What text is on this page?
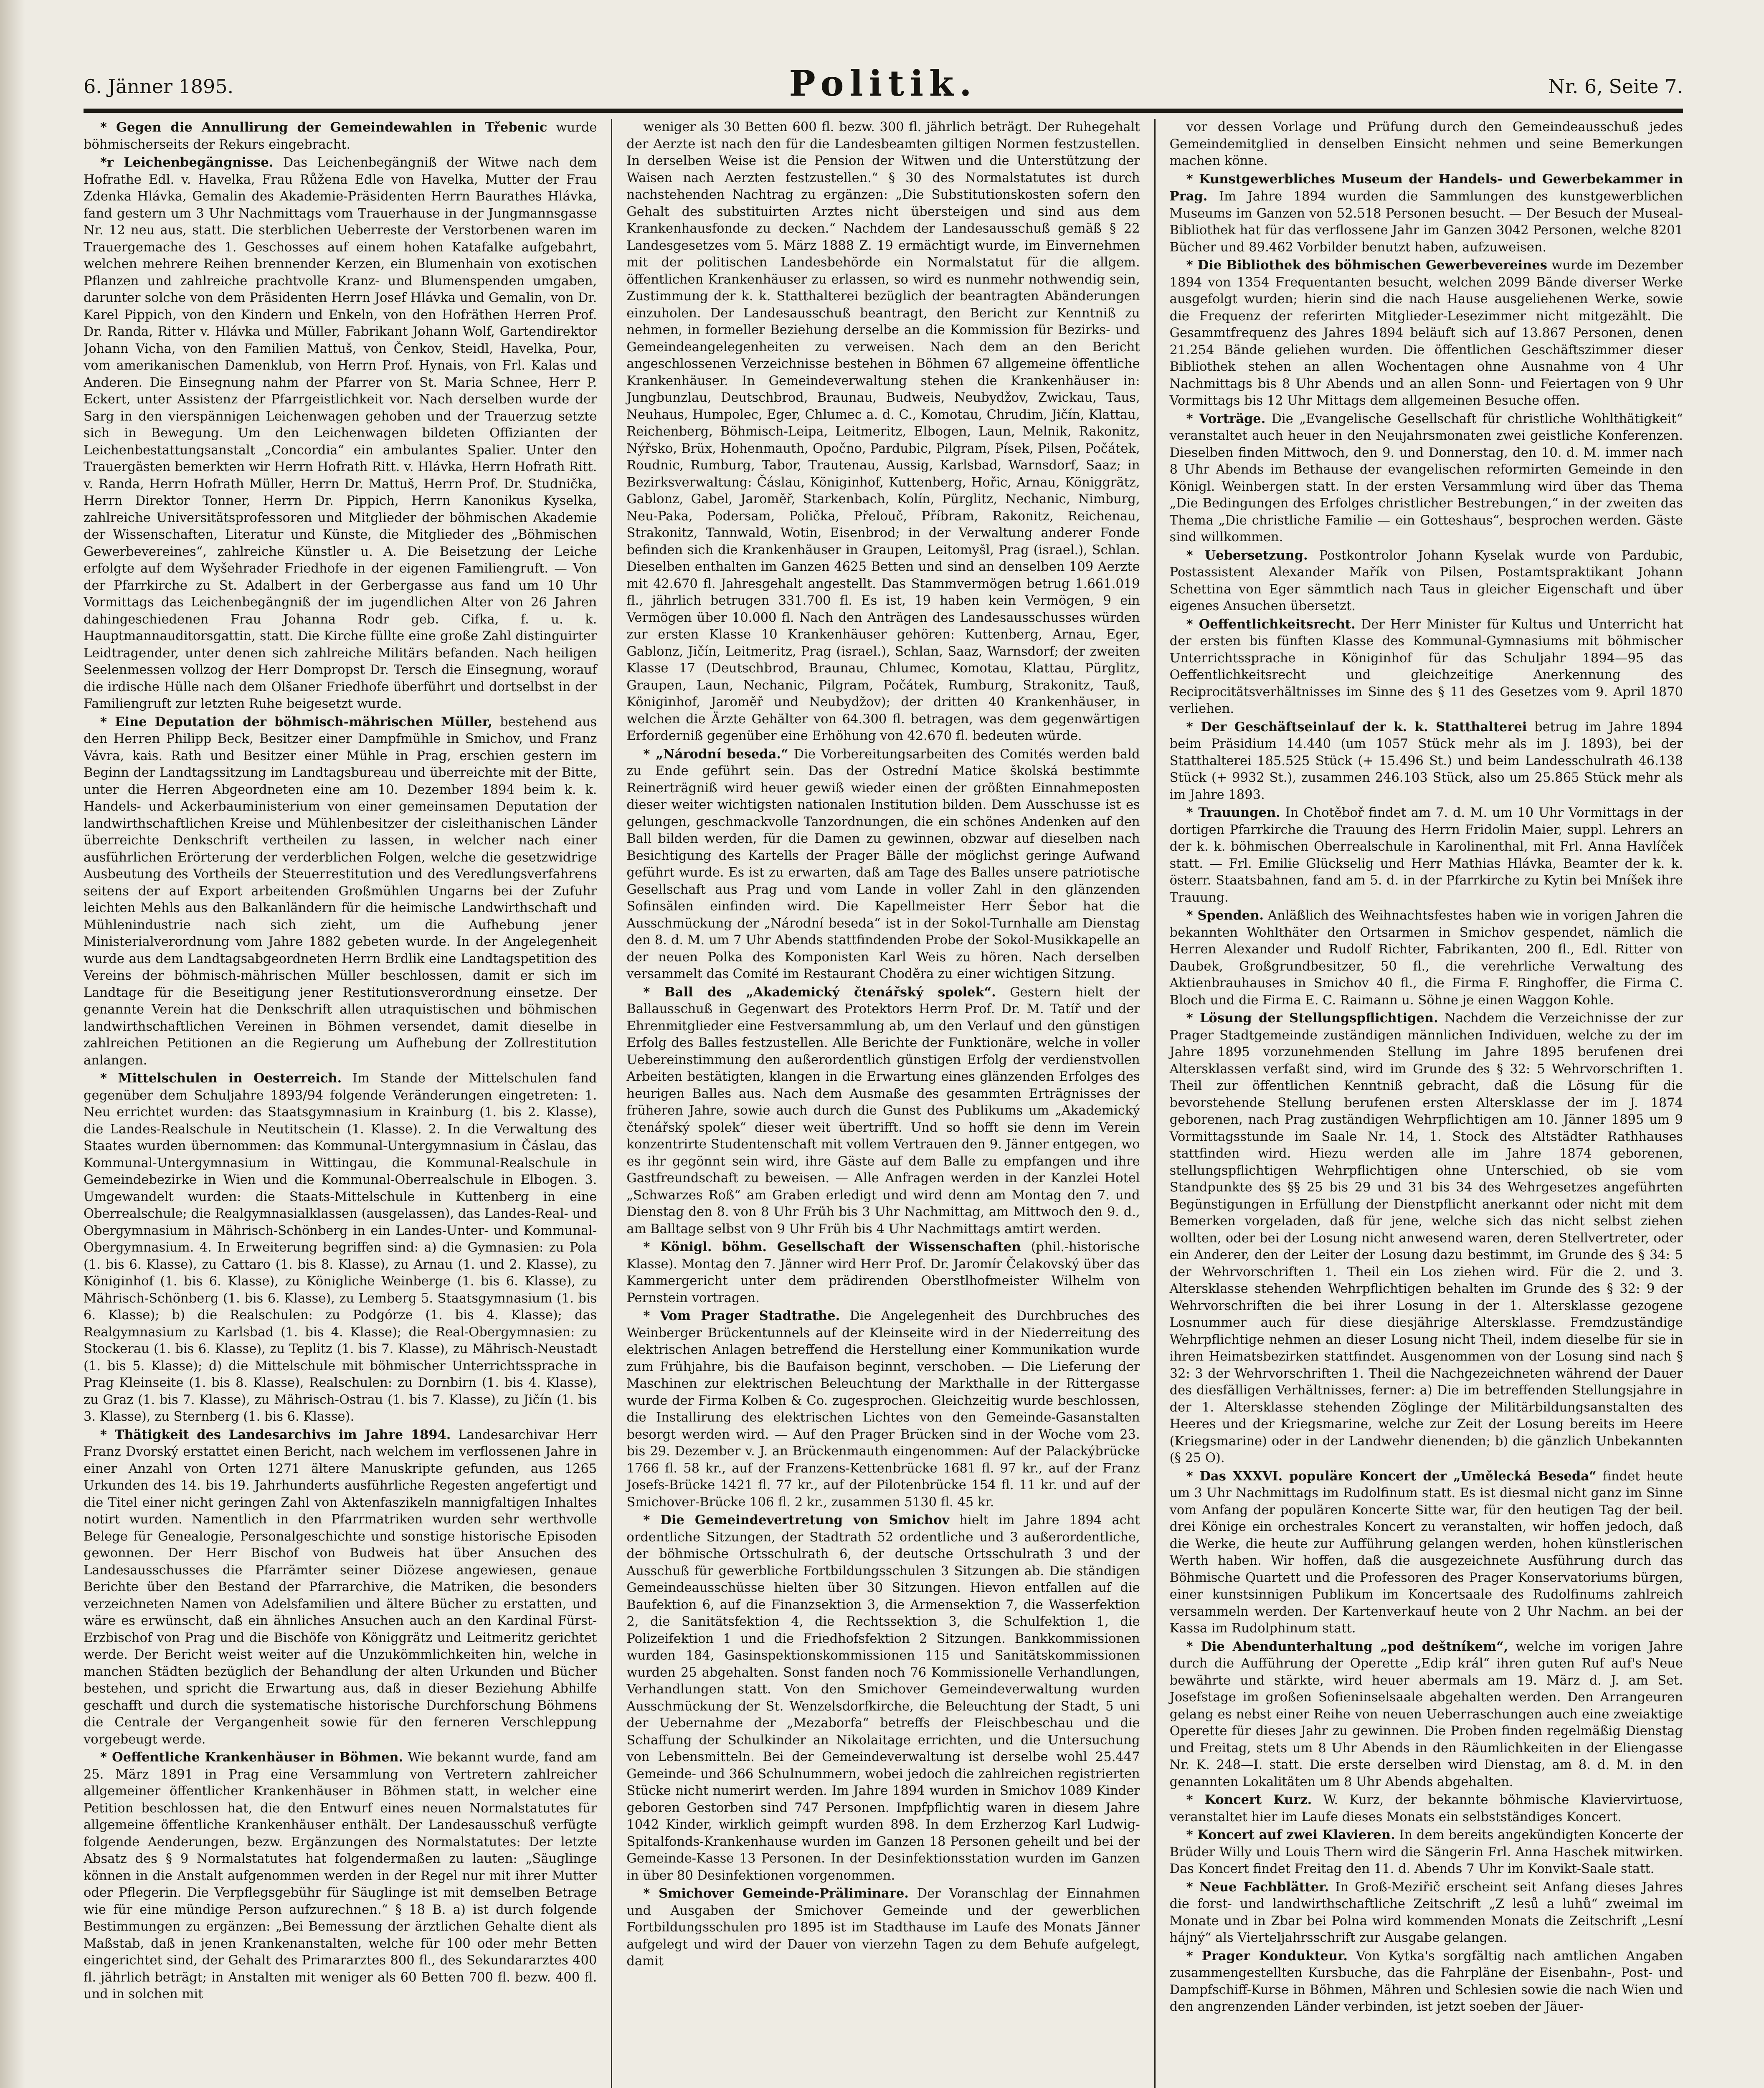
6. Jänner 1895.	Politik.	Nr. 6, Seite 7.

* Gegen die Annullirung der Gemeindewahlen in Třebenic wurde böhmischerseits der Rekurs eingebracht.

*r Leichenbegängnisse. Das Leichenbegängniß der Witwe nach dem Hofrathe Edl. v. Havelka, Frau Růžena Edle von Havelka, Mutter der Frau Zdenka Hlávka, Gemalin des Akademie-Präsidenten Herrn Baurathes Hlávka, fand gestern um 3 Uhr Nachmittags vom Trauerhause in der Jungmannsgasse Nr. 12 neu aus, statt. Die sterblichen Ueberreste der Verstorbenen waren im Trauergemache des 1. Geschosses auf einem hohen Katafalke aufgebahrt, welchen mehrere Reihen brennender Kerzen, ein Blumenhain von exotischen Pflanzen und zahlreiche prachtvolle Kranz- und Blumenspenden umgaben, darunter solche von dem Präsidenten Herrn Josef Hlávka und Gemalin, von Dr. Karel Pippich, von den Kindern und Enkeln, von den Hofräthen Herren Prof. Dr. Randa, Ritter v. Hlávka und Müller, Fabrikant Johann Wolf, Gartendirektor Johann Vicha, von den Familien Mattuš, von Čenkov, Steidl, Havelka, Pour, vom amerikanischen Damenklub, von Herrn Prof. Hynais, von Frl. Kalas und Anderen. Die Einsegnung nahm der Pfarrer von St. Maria Schnee, Herr P. Eckert, unter Assistenz der Pfarrgeistlichkeit vor. Nach derselben wurde der Sarg in den vierspännigen Leichenwagen gehoben und der Trauerzug setzte sich in Bewegung. Um den Leichenwagen bildeten Offizianten der Leichenbestattungsanstalt „Concordia“ ein ambulantes Spalier. Unter den Trauergästen bemerkten wir Herrn Hofrath Ritt. v. Hlávka, Herrn Hofrath Ritt. v. Randa, Herrn Hofrath Müller, Herrn Dr. Mattuš, Herrn Prof. Dr. Studnička, Herrn Direktor Tonner, Herrn Dr. Pippich, Herrn Kanonikus Kyselka, zahlreiche Universitätsprofessoren und Mitglieder der böhmischen Akademie der Wissenschaften, Literatur und Künste, die Mitglieder des „Böhmischen Gewerbevereines“, zahlreiche Künstler u. A. Die Beisetzung der Leiche erfolgte auf dem Wyšehrader Friedhofe in der eigenen Familiengruft. — Von der Pfarrkirche zu St. Adalbert in der Gerbergasse aus fand um 10 Uhr Vormittags das Leichenbegängniß der im jugendlichen Alter von 26 Jahren dahingeschiedenen Frau Johanna Rodr geb. Cifka, f. u. k. Hauptmannauditorsgattin, statt. Die Kirche füllte eine große Zahl distinguirter Leidtragender, unter denen sich zahlreiche Militärs befanden. Nach heiligen Seelenmessen vollzog der Herr Dompropst Dr. Tersch die Einsegnung, worauf die irdische Hülle nach dem Olšaner Friedhofe überführt und dortselbst in der Familiengruft zur letzten Ruhe beigesetzt wurde.

* Eine Deputation der böhmisch-mährischen Müller, bestehend aus den Herren Philipp Beck, Besitzer einer Dampfmühle in Smichov, und Franz Vávra, kais. Rath und Besitzer einer Mühle in Prag, erschien gestern im Beginn der Landtagssitzung im Landtagsbureau und überreichte mit der Bitte, unter die Herren Abgeordneten eine am 10. Dezember 1894 beim k. k. Handels- und Ackerbauministerium von einer gemeinsamen Deputation der landwirthschaftlichen Kreise und Mühlenbesitzer der cisleithanischen Länder überreichte Denkschrift vertheilen zu lassen, in welcher nach einer ausführlichen Erörterung der verderblichen Folgen, welche die gesetzwidrige Ausbeutung des Vortheils der Steuerrestitution und des Veredlungsverfahrens seitens der auf Export arbeitenden Großmühlen Ungarns bei der Zufuhr leichten Mehls aus den Balkanländern für die heimische Landwirthschaft und Mühlenindustrie nach sich zieht, um die Aufhebung jener Ministerialverordnung vom Jahre 1882 gebeten wurde. In der Angelegenheit wurde aus dem Landtagsabgeordneten Herrn Brdlik eine Landtagspetition des Vereins der böhmisch-mährischen Müller beschlossen, damit er sich im Landtage für die Beseitigung jener Restitutionsverordnung einsetze. Der genannte Verein hat die Denkschrift allen utraquistischen und böhmischen landwirthschaftlichen Vereinen in Böhmen versendet, damit dieselbe in zahlreichen Petitionen an die Regierung um Aufhebung der Zollrestitution anlangen.

* Mittelschulen in Oesterreich. Im Stande der Mittelschulen fand gegenüber dem Schuljahre 1893/94 folgende Veränderungen eingetreten: 1. Neu errichtet wurden: das Staatsgymnasium in Krainburg (1. bis 2. Klasse), die Landes-Realschule in Neutitschein (1. Klasse). 2. In die Verwaltung des Staates wurden übernommen: das Kommunal-Untergymnasium in Čáslau, das Kommunal-Untergymnasium in Wittingau, die Kommunal-Realschule in Gemeindebezirke in Wien und die Kommunal-Oberrealschule in Elbogen. 3. Umgewandelt wurden: die Staats-Mittelschule in Kuttenberg in eine Oberrealschule; die Realgymnasialklassen (ausgelassen), das Landes-Real- und Obergymnasium in Mährisch-Schönberg in ein Landes-Unter- und Kommunal-Obergymnasium. 4. In Erweiterung begriffen sind: a) die Gymnasien: zu Pola (1. bis 6. Klasse), zu Cattaro (1. bis 8. Klasse), zu Arnau (1. und 2. Klasse), zu Königinhof (1. bis 6. Klasse), zu Königliche Weinberge (1. bis 6. Klasse), zu Mährisch-Schönberg (1. bis 6. Klasse), zu Lemberg 5. Staatsgymnasium (1. bis 6. Klasse); b) die Realschulen: zu Podgórze (1. bis 4. Klasse); das Realgymnasium zu Karlsbad (1. bis 4. Klasse); die Real-Obergymnasien: zu Stockerau (1. bis 6. Klasse), zu Teplitz (1. bis 7. Klasse), zu Mährisch-Neustadt (1. bis 5. Klasse); d) die Mittelschule mit böhmischer Unterrichtssprache in Prag Kleinseite (1. bis 8. Klasse), Realschulen: zu Dornbirn (1. bis 4. Klasse), zu Graz (1. bis 7. Klasse), zu Mährisch-Ostrau (1. bis 7. Klasse), zu Jičín (1. bis 3. Klasse), zu Sternberg (1. bis 6. Klasse).

* Thätigkeit des Landesarchivs im Jahre 1894. Landesarchivar Herr Franz Dvorský erstattet einen Bericht, nach welchem im verflossenen Jahre in einer Anzahl von Orten 1271 ältere Manuskripte gefunden, aus 1265 Urkunden des 14. bis 19. Jahrhunderts ausführliche Regesten angefertigt und die Titel einer nicht geringen Zahl von Aktenfaszikeln mannigfaltigen Inhaltes notirt wurden. Namentlich in den Pfarrmatriken wurden sehr werthvolle Belege für Genealogie, Personalgeschichte und sonstige historische Episoden gewonnen. Der Herr Bischof von Budweis hat über Ansuchen des Landesausschusses die Pfarrämter seiner Diözese angewiesen, genaue Berichte über den Bestand der Pfarrarchive, die Matriken, die besonders verzeichneten Namen von Adelsfamilien und ältere Bücher zu erstatten, und wäre es erwünscht, daß ein ähnliches Ansuchen auch an den Kardinal Fürst-Erzbischof von Prag und die Bischöfe von Königgrätz und Leitmeritz gerichtet werde. Der Bericht weist weiter auf die Unzukömmlichkeiten hin, welche in manchen Städten bezüglich der Behandlung der alten Urkunden und Bücher bestehen, und spricht die Erwartung aus, daß in dieser Beziehung Abhilfe geschafft und durch die systematische historische Durchforschung Böhmens die Centrale der Vergangenheit sowie für den ferneren Verschleppung vorgebeugt werde.

* Oeffentliche Krankenhäuser in Böhmen. Wie bekannt wurde, fand am 25. März 1891 in Prag eine Versammlung von Vertretern zahlreicher allgemeiner öffentlicher Krankenhäuser in Böhmen statt, in welcher eine Petition beschlossen hat, die den Entwurf eines neuen Normalstatutes für allgemeine öffentliche Krankenhäuser enthält. Der Landesausschuß verfügte folgende Aenderungen, bezw. Ergänzungen des Normalstatutes: Der letzte Absatz des § 9 Normalstatutes hat folgendermaßen zu lauten: „Säuglinge können in die Anstalt aufgenommen werden in der Regel nur mit ihrer Mutter oder Pflegerin. Die Verpflegsgebühr für Säuglinge ist mit demselben Betrage wie für eine mündige Person aufzurechnen.“ § 18 B. a) ist durch folgende Bestimmungen zu ergänzen: „Bei Bemessung der ärztlichen Gehalte dient als Maßstab, daß in jenen Krankenanstalten, welche für 100 oder mehr Betten eingerichtet sind, der Gehalt des Primararztes 800 fl., des Sekundararztes 400 fl. jährlich beträgt; in Anstalten mit weniger als 60 Betten 700 fl. bezw. 400 fl. und in solchen mit

weniger als 30 Betten 600 fl. bezw. 300 fl. jährlich beträgt. Der Ruhegehalt der Aerzte ist nach den für die Landesbeamten giltigen Normen festzustellen. In derselben Weise ist die Pension der Witwen und die Unterstützung der Waisen nach Aerzten festzustellen.“ § 30 des Normalstatutes ist durch nachstehenden Nachtrag zu ergänzen: „Die Substitutionskosten sofern den Gehalt des substituirten Arztes nicht übersteigen und sind aus dem Krankenhausfonde zu decken.“ Nachdem der Landesausschuß gemäß § 22 Landesgesetzes vom 5. März 1888 Z. 19 ermächtigt wurde, im Einvernehmen mit der politischen Landesbehörde ein Normalstatut für die allgem. öffentlichen Krankenhäuser zu erlassen, so wird es nunmehr nothwendig sein, Zustimmung der k. k. Statthalterei bezüglich der beantragten Abänderungen einzuholen. Der Landesausschuß beantragt, den Bericht zur Kenntniß zu nehmen, in formeller Beziehung derselbe an die Kommission für Bezirks- und Gemeindeangelegenheiten zu verweisen. Nach dem an den Bericht angeschlossenen Verzeichnisse bestehen in Böhmen 67 allgemeine öffentliche Krankenhäuser. In Gemeindeverwaltung stehen die Krankenhäuser in: Jungbunzlau, Deutschbrod, Braunau, Budweis, Neubydžov, Zwickau, Taus, Neuhaus, Humpolec, Eger, Chlumec a. d. C., Komotau, Chrudim, Jičín, Klattau, Reichenberg, Böhmisch-Leipa, Leitmeritz, Elbogen, Laun, Melnik, Rakonitz, Nýřsko, Brüx, Hohenmauth, Opočno, Pardubic, Pilgram, Písek, Pilsen, Počátek, Roudnic, Rumburg, Tabor, Trautenau, Aussig, Karlsbad, Warnsdorf, Saaz; in Bezirksverwaltung: Čáslau, Königinhof, Kuttenberg, Hořic, Arnau, Königgrätz, Gablonz, Gabel, Jaroměř, Starkenbach, Kolín, Pürglitz, Nechanic, Nimburg, Neu-Paka, Podersam, Polička, Přelouč, Příbram, Rakonitz, Reichenau, Strakonitz, Tannwald, Wotin, Eisenbrod; in der Verwaltung anderer Fonde befinden sich die Krankenhäuser in Graupen, Leitomyšl, Prag (israel.), Schlan. Dieselben enthalten im Ganzen 4625 Betten und sind an denselben 109 Aerzte mit 42.670 fl. Jahresgehalt angestellt. Das Stammvermögen betrug 1.661.019 fl., jährlich betrugen 331.700 fl. Es ist, 19 haben kein Vermögen, 9 ein Vermögen über 10.000 fl. Nach den Anträgen des Landesausschusses würden zur ersten Klasse 10 Krankenhäuser gehören: Kuttenberg, Arnau, Eger, Gablonz, Jičín, Leitmeritz, Prag (israel.), Schlan, Saaz, Warnsdorf; der zweiten Klasse 17 (Deutschbrod, Braunau, Chlumec, Komotau, Klattau, Pürglitz, Graupen, Laun, Nechanic, Pilgram, Počátek, Rumburg, Strakonitz, Tauß, Königinhof, Jaroměř und Neubydžov); der dritten 40 Krankenhäuser, in welchen die Ärzte Gehälter von 64.300 fl. betragen, was dem gegenwärtigen Erforderniß gegenüber eine Erhöhung von 42.670 fl. bedeuten würde.

* „Národní beseda.“ Die Vorbereitungsarbeiten des Comités werden bald zu Ende geführt sein. Das der Ostrední Matice školská bestimmte Reinerträgniß wird heuer gewiß wieder einen der größten Einnahmeposten dieser weiter wichtigsten nationalen Institution bilden. Dem Ausschusse ist es gelungen, geschmackvolle Tanzordnungen, die ein schönes Andenken auf den Ball bilden werden, für die Damen zu gewinnen, obzwar auf dieselben nach Besichtigung des Kartells der Prager Bälle der möglichst geringe Aufwand geführt wurde. Es ist zu erwarten, daß am Tage des Balles unsere patriotische Gesellschaft aus Prag und vom Lande in voller Zahl in den glänzenden Sofinsälen einfinden wird. Die Kapellmeister Herr Šebor hat die Ausschmückung der „Národní beseda“ ist in der Sokol-Turnhalle am Dienstag den 8. d. M. um 7 Uhr Abends stattfindenden Probe der Sokol-Musikkapelle an der neuen Polka des Komponisten Karl Weis zu hören. Nach derselben versammelt das Comité im Restaurant Choděra zu einer wichtigen Sitzung.

* Ball des „Akademický čtenářský spolek“. Gestern hielt der Ballausschuß in Gegenwart des Protektors Herrn Prof. Dr. M. Tatíř und der Ehrenmitglieder eine Festversammlung ab, um den Verlauf und den günstigen Erfolg des Balles festzustellen. Alle Berichte der Funktionäre, welche in voller Uebereinstimmung den außerordentlich günstigen Erfolg der verdienstvollen Arbeiten bestätigten, klangen in die Erwartung eines glänzenden Erfolges des heurigen Balles aus. Nach dem Ausmaße des gesammten Erträgnisses der früheren Jahre, sowie auch durch die Gunst des Publikums um „Akademický čtenářský spolek“ dieser weit übertrifft. Und so hofft sie denn im Verein konzentrirte Studentenschaft mit vollem Vertrauen den 9. Jänner entgegen, wo es ihr gegönnt sein wird, ihre Gäste auf dem Balle zu empfangen und ihre Gastfreundschaft zu beweisen. — Alle Anfragen werden in der Kanzlei Hotel „Schwarzes Roß“ am Graben erledigt und wird denn am Montag den 7. und Dienstag den 8. von 8 Uhr Früh bis 3 Uhr Nachmittag, am Mittwoch den 9. d., am Balltage selbst von 9 Uhr Früh bis 4 Uhr Nachmittags amtirt werden.

* Königl. böhm. Gesellschaft der Wissenschaften (phil.-historische Klasse). Montag den 7. Jänner wird Herr Prof. Dr. Jaromír Čelakovský über das Kammergericht unter dem prädirenden Oberstlhofmeister Wilhelm von Pernstein vortragen.

* Vom Prager Stadtrathe. Die Angelegenheit des Durchbruches des Weinberger Brückentunnels auf der Kleinseite wird in der Niederreitung des elektrischen Anlagen betreffend die Herstellung einer Kommunikation wurde zum Frühjahre, bis die Baufaison beginnt, verschoben. — Die Lieferung der Maschinen zur elektrischen Beleuchtung der Markthalle in der Rittergasse wurde der Firma Kolben & Co. zugesprochen. Gleichzeitig wurde beschlossen, die Installirung des elektrischen Lichtes von den Gemeinde-Gasanstalten besorgt werden wird. — Auf den Prager Brücken sind in der Woche vom 23. bis 29. Dezember v. J. an Brückenmauth eingenommen: Auf der Palackýbrücke 1766 fl. 58 kr., auf der Franzens-Kettenbrücke 1681 fl. 97 kr., auf der Franz Josefs-Brücke 1421 fl. 77 kr., auf der Pilotenbrücke 154 fl. 11 kr. und auf der Smichover-Brücke 106 fl. 2 kr., zusammen 5130 fl. 45 kr.

* Die Gemeindevertretung von Smichov hielt im Jahre 1894 acht ordentliche Sitzungen, der Stadtrath 52 ordentliche und 3 außerordentliche, der böhmische Ortsschulrath 6, der deutsche Ortsschulrath 3 und der Ausschuß für gewerbliche Fortbildungsschulen 3 Sitzungen ab. Die ständigen Gemeindeausschüsse hielten über 30 Sitzungen. Hievon entfallen auf die Baufektion 6, auf die Finanzsektion 3, die Armensektion 7, die Wasserfektion 2, die Sanitätsfektion 4, die Rechtssektion 3, die Schulfektion 1, die Polizeifektion 1 und die Friedhofsfektion 2 Sitzungen. Bankkommissionen wurden 184, Gasinspektionskommissionen 115 und Sanitätskommissionen wurden 25 abgehalten. Sonst fanden noch 76 Kommissionelle Verhandlungen, Verhandlungen statt. Von den Smichover Gemeindeverwaltung wurden Ausschmückung der St. Wenzelsdorfkirche, die Beleuchtung der Stadt, 5 uni der Uebernahme der „Mezaborfa“ betreffs der Fleischbeschau und die Schaffung der Schulkinder an Nikolaitage errichten, und die Untersuchung von Lebensmitteln. Bei der Gemeindeverwaltung ist derselbe wohl 25.447 Gemeinde- und 366 Schulnummern, wobei jedoch die zahlreichen registrierten Stücke nicht numerirt werden. Im Jahre 1894 wurden in Smichov 1089 Kinder geboren Gestorben sind 747 Personen. Impfpflichtig waren in diesem Jahre 1042 Kinder, wirklich geimpft wurden 898. In dem Erzherzog Karl Ludwig-Spitalfonds-Krankenhause wurden im Ganzen 18 Personen geheilt und bei der Gemeinde-Kasse 13 Personen. In der Desinfektionsstation wurden im Ganzen in über 80 Desinfektionen vorgenommen.

* Smichover Gemeinde-Präliminare. Der Voranschlag der Einnahmen und Ausgaben der Smichover Gemeinde und der gewerblichen Fortbildungsschulen pro 1895 ist im Stadthause im Laufe des Monats Jänner aufgelegt und wird der Dauer von vierzehn Tagen zu dem Behufe aufgelegt, damit

vor dessen Vorlage und Prüfung durch den Gemeindeausschuß jedes Gemeindemitglied in denselben Einsicht nehmen und seine Bemerkungen machen könne.

* Kunstgewerbliches Museum der Handels- und Gewerbekammer in Prag. Im Jahre 1894 wurden die Sammlungen des kunstgewerblichen Museums im Ganzen von 52.518 Personen besucht. — Der Besuch der Museal-Bibliothek hat für das verflossene Jahr im Ganzen 3042 Personen, welche 8201 Bücher und 89.462 Vorbilder benutzt haben, aufzuweisen.

* Die Bibliothek des böhmischen Gewerbevereines wurde im Dezember 1894 von 1354 Frequentanten besucht, welchen 2099 Bände diverser Werke ausgefolgt wurden; hierin sind die nach Hause ausgeliehenen Werke, sowie die Frequenz der referirten Mitglieder-Lesezimmer nicht mitgezählt. Die Gesammtfrequenz des Jahres 1894 beläuft sich auf 13.867 Personen, denen 21.254 Bände geliehen wurden. Die öffentlichen Geschäftszimmer dieser Bibliothek stehen an allen Wochentagen ohne Ausnahme von 4 Uhr Nachmittags bis 8 Uhr Abends und an allen Sonn- und Feiertagen von 9 Uhr Vormittags bis 12 Uhr Mittags dem allgemeinen Besuche offen.

* Vorträge. Die „Evangelische Gesellschaft für christliche Wohlthätigkeit“ veranstaltet auch heuer in den Neujahrsmonaten zwei geistliche Konferenzen. Dieselben finden Mittwoch, den 9. und Donnerstag, den 10. d. M. immer nach 8 Uhr Abends im Bethause der evangelischen reformirten Gemeinde in den Königl. Weinbergen statt. In der ersten Versammlung wird über das Thema „Die Bedingungen des Erfolges christlicher Bestrebungen,“ in der zweiten das Thema „Die christliche Familie — ein Gotteshaus“, besprochen werden. Gäste sind willkommen.

* Uebersetzung. Postkontrolor Johann Kyselak wurde von Pardubic, Postassistent Alexander Mařík von Pilsen, Postamtspraktikant Johann Schettina von Eger sämmtlich nach Taus in gleicher Eigenschaft und über eigenes Ansuchen übersetzt.

* Oeffentlichkeitsrecht. Der Herr Minister für Kultus und Unterricht hat der ersten bis fünften Klasse des Kommunal-Gymnasiums mit böhmischer Unterrichtssprache in Königinhof für das Schuljahr 1894—95 das Oeffentlichkeitsrecht und gleichzeitige Anerkennung des Reciprocitätsverhältnisses im Sinne des § 11 des Gesetzes vom 9. April 1870 verliehen.

* Der Geschäftseinlauf der k. k. Statthalterei betrug im Jahre 1894 beim Präsidium 14.440 (um 1057 Stück mehr als im J. 1893), bei der Statthalterei 185.525 Stück (+ 15.496 St.) und beim Landesschulrath 46.138 Stück (+ 9932 St.), zusammen 246.103 Stück, also um 25.865 Stück mehr als im Jahre 1893.

* Trauungen. In Chotěboř findet am 7. d. M. um 10 Uhr Vormittags in der dortigen Pfarrkirche die Trauung des Herrn Fridolin Maier, suppl. Lehrers an der k. k. böhmischen Oberrealschule in Karolinenthal, mit Frl. Anna Havlíček statt. — Frl. Emilie Glückselig und Herr Mathias Hlávka, Beamter der k. k. österr. Staatsbahnen, fand am 5. d. in der Pfarrkirche zu Kytin bei Mníšek ihre Trauung.

* Spenden. Anläßlich des Weihnachtsfestes haben wie in vorigen Jahren die bekannten Wohlthäter den Ortsarmen in Smichov gespendet, nämlich die Herren Alexander und Rudolf Richter, Fabrikanten, 200 fl., Edl. Ritter von Daubek, Großgrundbesitzer, 50 fl., die verehrliche Verwaltung des Aktienbrauhauses in Smichov 40 fl., die Firma F. Ringhoffer, die Firma C. Bloch und die Firma E. C. Raimann u. Söhne je einen Waggon Kohle.

* Lösung der Stellungspflichtigen. Nachdem die Verzeichnisse der zur Prager Stadtgemeinde zuständigen männlichen Individuen, welche zu der im Jahre 1895 vorzunehmenden Stellung im Jahre 1895 berufenen drei Altersklassen verfaßt sind, wird im Grunde des § 32: 5 Wehrvorschriften 1. Theil zur öffentlichen Kenntniß gebracht, daß die Lösung für die bevorstehende Stellung berufenen ersten Altersklasse der im J. 1874 geborenen, nach Prag zuständigen Wehrpflichtigen am 10. Jänner 1895 um 9 Vormittagsstunde im Saale Nr. 14, 1. Stock des Altstädter Rathhauses stattfinden wird. Hiezu werden alle im Jahre 1874 geborenen, stellungspflichtigen Wehrpflichtigen ohne Unterschied, ob sie vom Standpunkte des §§ 25 bis 29 und 31 bis 34 des Wehrgesetzes angeführten Begünstigungen in Erfüllung der Dienstpflicht anerkannt oder nicht mit dem Bemerken vorgeladen, daß für jene, welche sich das nicht selbst ziehen wollten, oder bei der Losung nicht anwesend waren, deren Stellvertreter, oder ein Anderer, den der Leiter der Losung dazu bestimmt, im Grunde des § 34: 5 der Wehrvorschriften 1. Theil ein Los ziehen wird. Für die 2. und 3. Altersklasse stehenden Wehrpflichtigen behalten im Grunde des § 32: 9 der Wehrvorschriften die bei ihrer Losung in der 1. Altersklasse gezogene Losnummer auch für diese diesjährige Altersklasse. Fremdzuständige Wehrpflichtige nehmen an dieser Losung nicht Theil, indem dieselbe für sie in ihren Heimatsbezirken stattfindet. Ausgenommen von der Losung sind nach § 32: 3 der Wehrvorschriften 1. Theil die Nachgezeichneten während der Dauer des diesfälligen Verhältnisses, ferner: a) Die im betreffenden Stellungsjahre in der 1. Altersklasse stehenden Zöglinge der Militärbildungsanstalten des Heeres und der Kriegsmarine, welche zur Zeit der Losung bereits im Heere (Kriegsmarine) oder in der Landwehr dienenden; b) die gänzlich Unbekannten (§ 25 O).

* Das XXXVI. populäre Koncert der „Umělecká Beseda“ findet heute um 3 Uhr Nachmittags im Rudolfinum statt. Es ist diesmal nicht ganz im Sinne vom Anfang der populären Koncerte Sitte war, für den heutigen Tag der beil. drei Könige ein orchestrales Koncert zu veranstalten, wir hoffen jedoch, daß die Werke, die heute zur Aufführung gelangen werden, hohen künstlerischen Werth haben. Wir hoffen, daß die ausgezeichnete Ausführung durch das Böhmische Quartett und die Professoren des Prager Konservatoriums bürgen, einer kunstsinnigen Publikum im Koncertsaale des Rudolfinums zahlreich versammeln werden. Der Kartenverkauf heute von 2 Uhr Nachm. an bei der Kassa im Rudolphinum statt.

* Die Abendunterhaltung „pod deštníkem“, welche im vorigen Jahre durch die Aufführung der Operette „Edip král“ ihren guten Ruf auf's Neue bewährte und stärkte, wird heuer abermals am 19. März d. J. am Set. Josefstage im großen Sofieninselsaale abgehalten werden. Den Arrangeuren gelang es nebst einer Reihe von neuen Ueberraschungen auch eine zweiaktige Operette für dieses Jahr zu gewinnen. Die Proben finden regelmäßig Dienstag und Freitag, stets um 8 Uhr Abends in den Räumlichkeiten in der Eliengasse Nr. K. 248—I. statt. Die erste derselben wird Dienstag, am 8. d. M. in den genannten Lokalitäten um 8 Uhr Abends abgehalten.

* Koncert Kurz. W. Kurz, der bekannte böhmische Klaviervirtuose, veranstaltet hier im Laufe dieses Monats ein selbstständiges Koncert.

* Koncert auf zwei Klavieren. In dem bereits angekündigten Koncerte der Brüder Willy und Louis Thern wird die Sängerin Frl. Anna Haschek mitwirken. Das Koncert findet Freitag den 11. d. Abends 7 Uhr im Konvikt-Saale statt.

* Neue Fachblätter. In Groß-Meziřič erscheint seit Anfang dieses Jahres die forst- und landwirthschaftliche Zeitschrift „Z lesů a luhů“ zweimal im Monate und in Zbar bei Polna wird kommenden Monats die Zeitschrift „Lesní hájný“ als Vierteljahrsschrift zur Ausgabe gelangen.

* Prager Kondukteur. Von Kytka's sorgfältig nach amtlichen Angaben zusammengestellten Kursbuche, das die Fahrpläne der Eisenbahn-, Post- und Dampfschiff-Kurse in Böhmen, Mähren und Schlesien sowie die nach Wien und den angrenzenden Länder verbinden, ist jetzt soeben der Jäuer-
